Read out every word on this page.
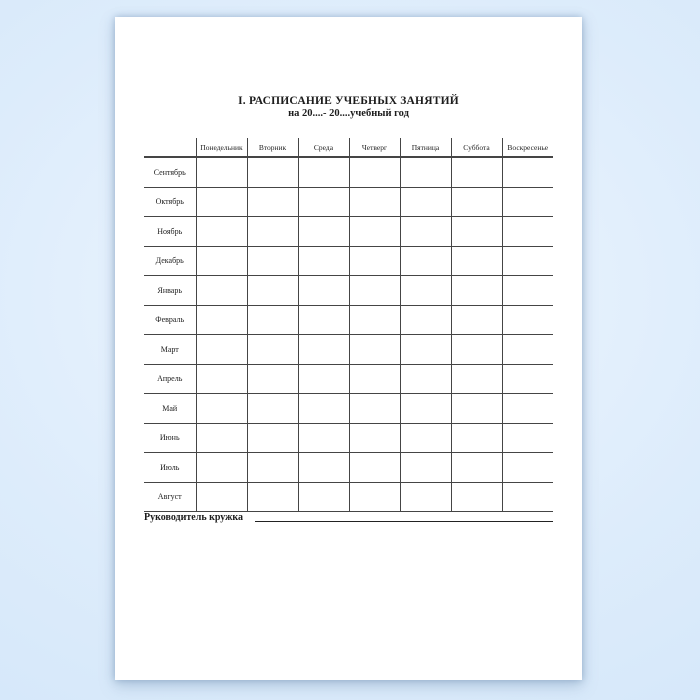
I. РАСПИСАНИЕ УЧЕБНЫХ ЗАНЯТИЙ
на 20....- 20....учебный год
	Понедельник	Вторник	Среда	Четверг	Пятница	Суббота	Воскресенье
Сентябрь							
Октябрь							
Ноябрь							
Декабрь							
Январь							
Февраль							
Март							
Апрель							
Май							
Июнь							
Июль							
Август							
Руководитель кружка
